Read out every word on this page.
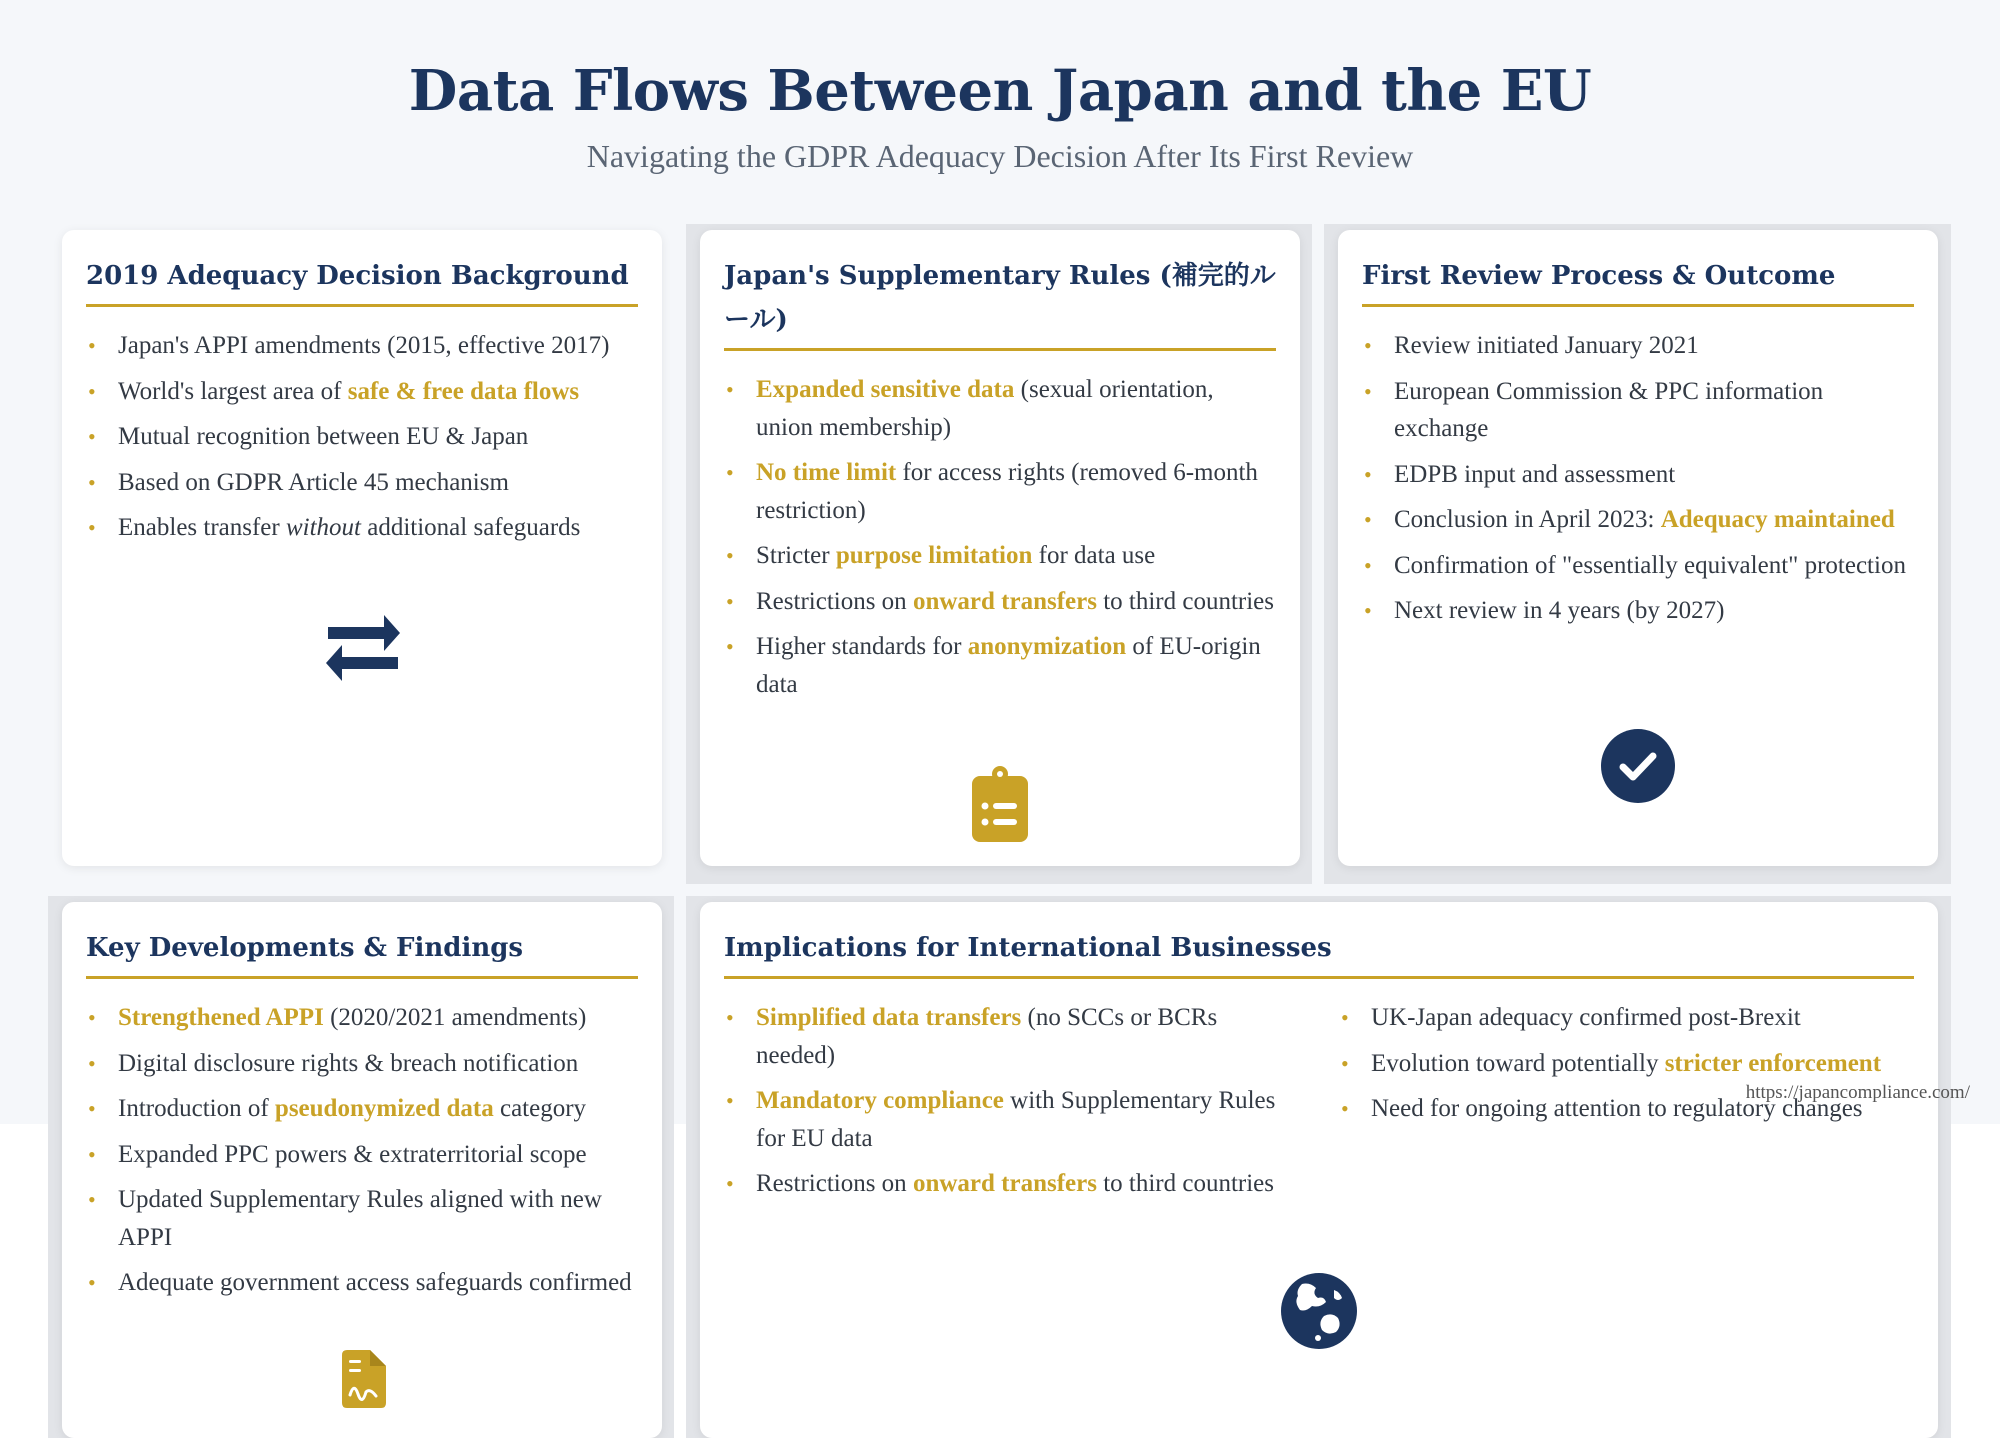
Data Flows Between Japan and the EU
Navigating the GDPR Adequacy Decision After Its First Review
2019 Adequacy Decision Background
• Japan's APPI amendments (2015, effective 2017)
• World's largest area of safe & free data flows
• Mutual recognition between EU & Japan
• Based on GDPR Article 45 mechanism
• Enables transfer without additional safeguards
Japan's Supplementary Rules (補完的ルール)
• Expanded sensitive data (sexual orientation, union membership)
• No time limit for access rights (removed 6-month restriction)
• Stricter purpose limitation for data use
• Restrictions on onward transfers to third countries
• Higher standards for anonymization of EU-origin data
First Review Process & Outcome
• Review initiated January 2021
• European Commission & PPC information exchange
• EDPB input and assessment
• Conclusion in April 2023: Adequacy maintained
• Confirmation of "essentially equivalent" protection
• Next review in 4 years (by 2027)
Key Developments & Findings
• Strengthened APPI (2020/2021 amendments)
• Digital disclosure rights & breach notification
• Introduction of pseudonymized data category
• Expanded PPC powers & extraterritorial scope
• Updated Supplementary Rules aligned with new APPI
• Adequate government access safeguards confirmed
Implications for International Businesses
• Simplified data transfers (no SCCs or BCRs needed)
• Mandatory compliance with Supplementary Rules for EU data
• Restrictions on onward transfers to third countries
• UK-Japan adequacy confirmed post-Brexit
• Evolution toward potentially stricter enforcement
• Need for ongoing attention to regulatory changes
https://japancompliance.com/
